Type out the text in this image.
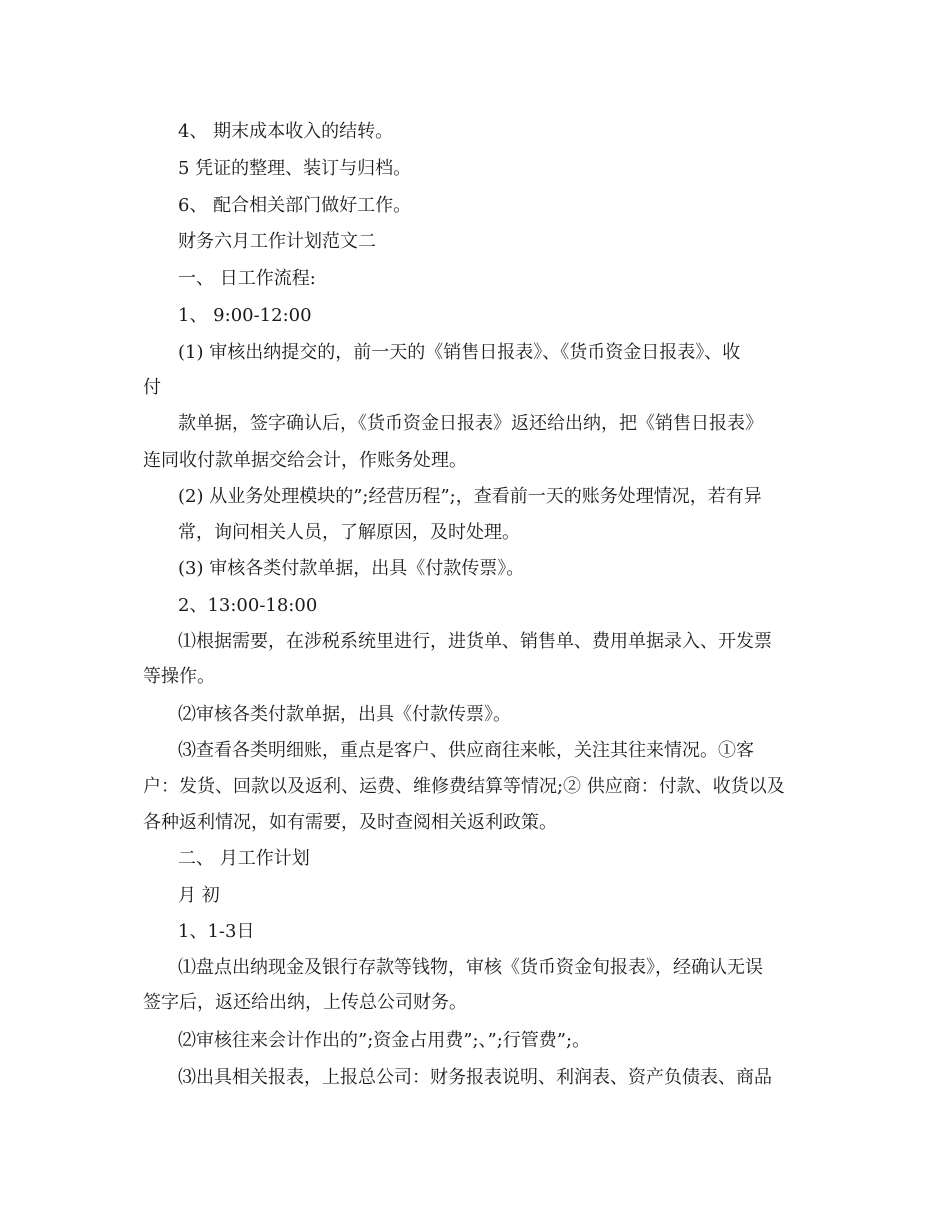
4、 期末成本收入的结转。
5 凭证的整理、装订与归档。
6、 配合相关部门做好工作。
财务六月工作计划范文二
一、 日工作流程:
1、 9:00-12:00
(1) 审核出纳提交的，前一天的《销售日报表》、《货币资金日报表》、收
付
款单据，签字确认后，《货币资金日报表》返还给出纳，把《销售日报表》
连同收付款单据交给会计，作账务处理。
(2) 从业务处理模块的”;经营历程”;，查看前一天的账务处理情况，若有异
常，询问相关人员，了解原因，及时处理。
(3) 审核各类付款单据，出具《付款传票》。
2、13:00-18:00
⑴根据需要，在涉税系统里进行，进货单、销售单、费用单据录入、开发票
等操作。
⑵审核各类付款单据，出具《付款传票》。
⑶查看各类明细账，重点是客户、供应商往来帐，关注其往来情况。①客
户：发货、回款以及返利、运费、维修费结算等情况;② 供应商：付款、收货以及
各种返利情况，如有需要，及时查阅相关返利政策。
二、 月工作计划
月 初
1、1-3日
⑴盘点出纳现金及银行存款等钱物，审核《货币资金旬报表》，经确认无误
签字后，返还给出纳，上传总公司财务。
⑵审核往来会计作出的”;资金占用费”;、”;行管费”;。
⑶出具相关报表，上报总公司：财务报表说明、利润表、资产负债表、商品
